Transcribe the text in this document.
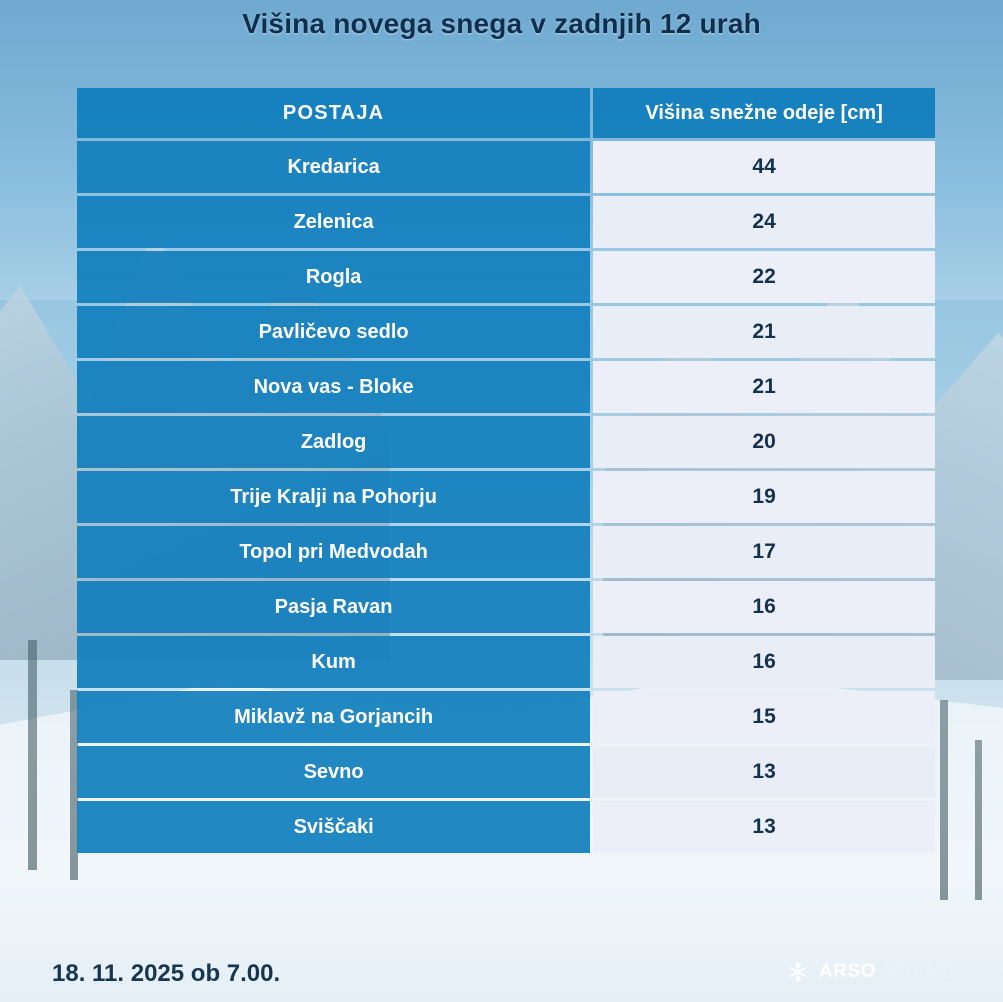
Višina novega snega v zadnjih 12 urah
POSTAJA		Višina snežne odeje [cm]
Kredarica		44
Zelenica		24
Rogla		22
Pavličevo sedlo		21
Nova vas - Bloke		21
Zadlog		20
Trije Kralji na Pohorju		19
Topol pri Medvodah		17
Pasja Ravan		16
Kum		16
Miklavž na Gorjancih		15
Sevno		13
Sviščaki		13
18. 11. 2025 ob 7.00.	ARSO VREME
